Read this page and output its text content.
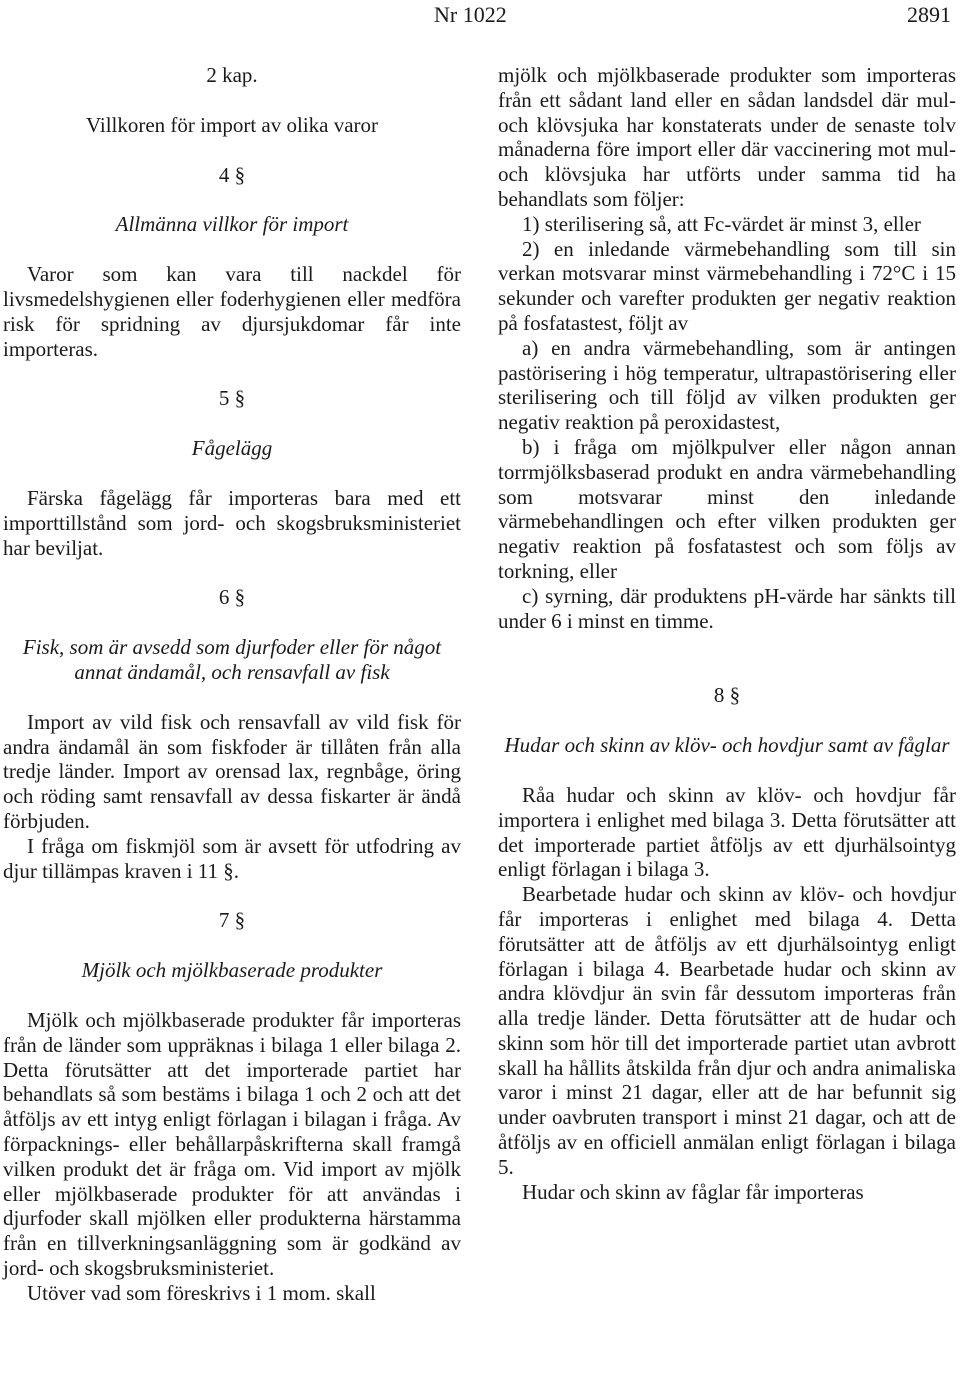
Nr 1022	2891
2 kap.
Villkoren för import av olika varor
4 §
Allmänna villkor för import

Varor som kan vara till nackdel för livsmedelshygienen eller foderhygienen eller medföra risk för spridning av djursjukdomar får inte importeras.

5 §
Fågelägg

Färska fågelägg får importeras bara med ett importtillstånd som jord- och skogsbruksministeriet har beviljat.

6 §
Fisk, som är avsedd som djurfoder eller för något annat ändamål, och rensavfall av fisk

Import av vild fisk och rensavfall av vild fisk för andra ändamål än som fiskfoder är tillåten från alla tredje länder. Import av orensad lax, regnbåge, öring och röding samt rensavfall av dessa fiskarter är ändå förbjuden.

I fråga om fiskmjöl som är avsett för utfodring av djur tillämpas kraven i 11 §.

7 §
Mjölk och mjölkbaserade produkter

Mjölk och mjölkbaserade produkter får importeras från de länder som uppräknas i bilaga 1 eller bilaga 2. Detta förutsätter att det importerade partiet har behandlats så som bestäms i bilaga 1 och 2 och att det åtföljs av ett intyg enligt förlagan i bilagan i fråga. Av förpacknings- eller behållarpåskrifterna skall framgå vilken produkt det är fråga om. Vid import av mjölk eller mjölkbaserade produkter för att användas i djurfoder skall mjölken eller produkterna härstamma från en tillverkningsanläggning som är godkänd av jord- och skogsbruksministeriet.

Utöver vad som föreskrivs i 1 mom. skall

mjölk och mjölkbaserade produkter som importeras från ett sådant land eller en sådan landsdel där mul- och klövsjuka har konstaterats under de senaste tolv månaderna före import eller där vaccinering mot mul- och klövsjuka har utförts under samma tid ha behandlats som följer:

1) sterilisering så, att Fc-värdet är minst 3, eller

2) en inledande värmebehandling som till sin verkan motsvarar minst värmebehandling i 72°C i 15 sekunder och varefter produkten ger negativ reaktion på fosfatastest, följt av

a) en andra värmebehandling, som är antingen pastörisering i hög temperatur, ultrapastörisering eller sterilisering och till följd av vilken produkten ger negativ reaktion på peroxidastest,

b) i fråga om mjölkpulver eller någon annan torrmjölksbaserad produkt en andra värmebehandling som motsvarar minst den inledande värmebehandlingen och efter vilken produkten ger negativ reaktion på fosfatastest och som följs av torkning, eller

c) syrning, där produktens pH-värde har sänkts till under 6 i minst en timme.

8 §
Hudar och skinn av klöv- och hovdjur samt av fåglar

Råa hudar och skinn av klöv- och hovdjur får importera i enlighet med bilaga 3. Detta förutsätter att det importerade partiet åtföljs av ett djurhälsointyg enligt förlagan i bilaga 3.

Bearbetade hudar och skinn av klöv- och hovdjur får importeras i enlighet med bilaga 4. Detta förutsätter att de åtföljs av ett djurhälsointyg enligt förlagan i bilaga 4. Bearbetade hudar och skinn av andra klövdjur än svin får dessutom importeras från alla tredje länder. Detta förutsätter att de hudar och skinn som hör till det importerade partiet utan avbrott skall ha hållits åtskilda från djur och andra animaliska varor i minst 21 dagar, eller att de har befunnit sig under oavbruten transport i minst 21 dagar, och att de åtföljs av en officiell anmälan enligt förlagan i bilaga 5.

Hudar och skinn av fåglar får importeras
